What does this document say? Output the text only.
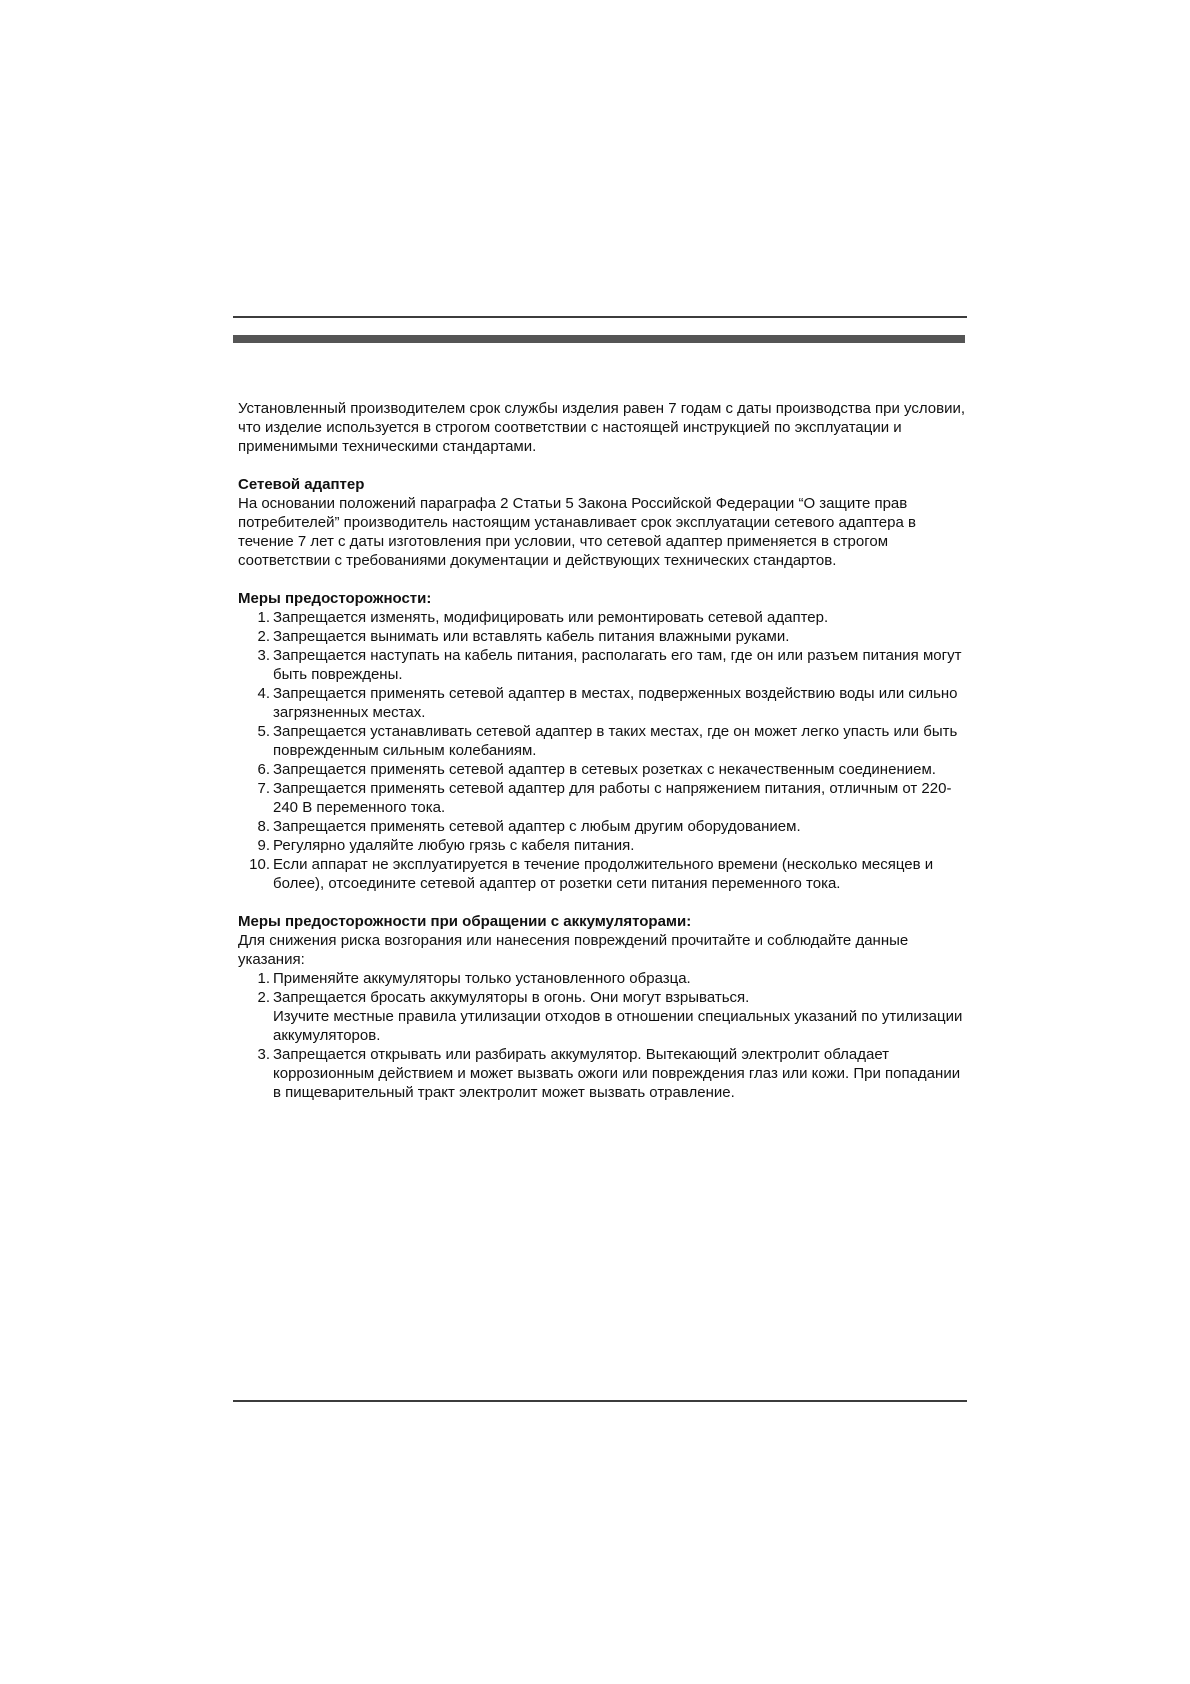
Установленный производителем срок службы изделия равен 7 годам с даты производства при условии, что изделие используется в строгом соответствии с настоящей инструкцией по эксплуатации и применимыми техническими стандартами.

Сетевой адаптер

На основании положений параграфа 2 Статьи 5 Закона Российской Федерации “О защите прав потребителей” производитель настоящим устанавливает срок эксплуатации сетевого адаптера в течение 7 лет с даты изготовления при условии, что сетевой адаптер применяется в строгом соответствии с требованиями документации и действующих технических стандартов.

Меры предосторожности:

1. Запрещается изменять, модифицировать или ремонтировать сетевой адаптер.
2. Запрещается вынимать или вставлять кабель питания влажными руками.
3. Запрещается наступать на кабель питания, располагать его там, где он или разъем питания могут быть повреждены.
4. Запрещается применять сетевой адаптер в местах, подверженных воздействию воды или сильно загрязненных местах.
5. Запрещается устанавливать сетевой адаптер в таких местах, где он может легко упасть или быть поврежденным сильным колебаниям.
6. Запрещается применять сетевой адаптер в сетевых розетках с некачественным соединением.
7. Запрещается применять сетевой адаптер для работы с напряжением питания, отличным от 220-240 В переменного тока.
8. Запрещается применять сетевой адаптер с любым другим оборудованием.
9. Регулярно удаляйте любую грязь с кабеля питания.
10. Если аппарат не эксплуатируется в течение продолжительного времени (несколько месяцев и более), отсоедините сетевой адаптер от розетки сети питания переменного тока.

Меры предосторожности при обращении с аккумуляторами:

Для снижения риска возгорания или нанесения повреждений прочитайте и соблюдайте данные указания:

1. Применяйте аккумуляторы только установленного образца.
2. Запрещается бросать аккумуляторы в огонь. Они могут взрываться.
Изучите местные правила утилизации отходов в отношении специальных указаний по утилизации аккумуляторов.
3. Запрещается открывать или разбирать аккумулятор. Вытекающий электролит обладает коррозионным действием и может вызвать ожоги или повреждения глаз или кожи. При попадании в пищеварительный тракт электролит может вызвать отравление.
